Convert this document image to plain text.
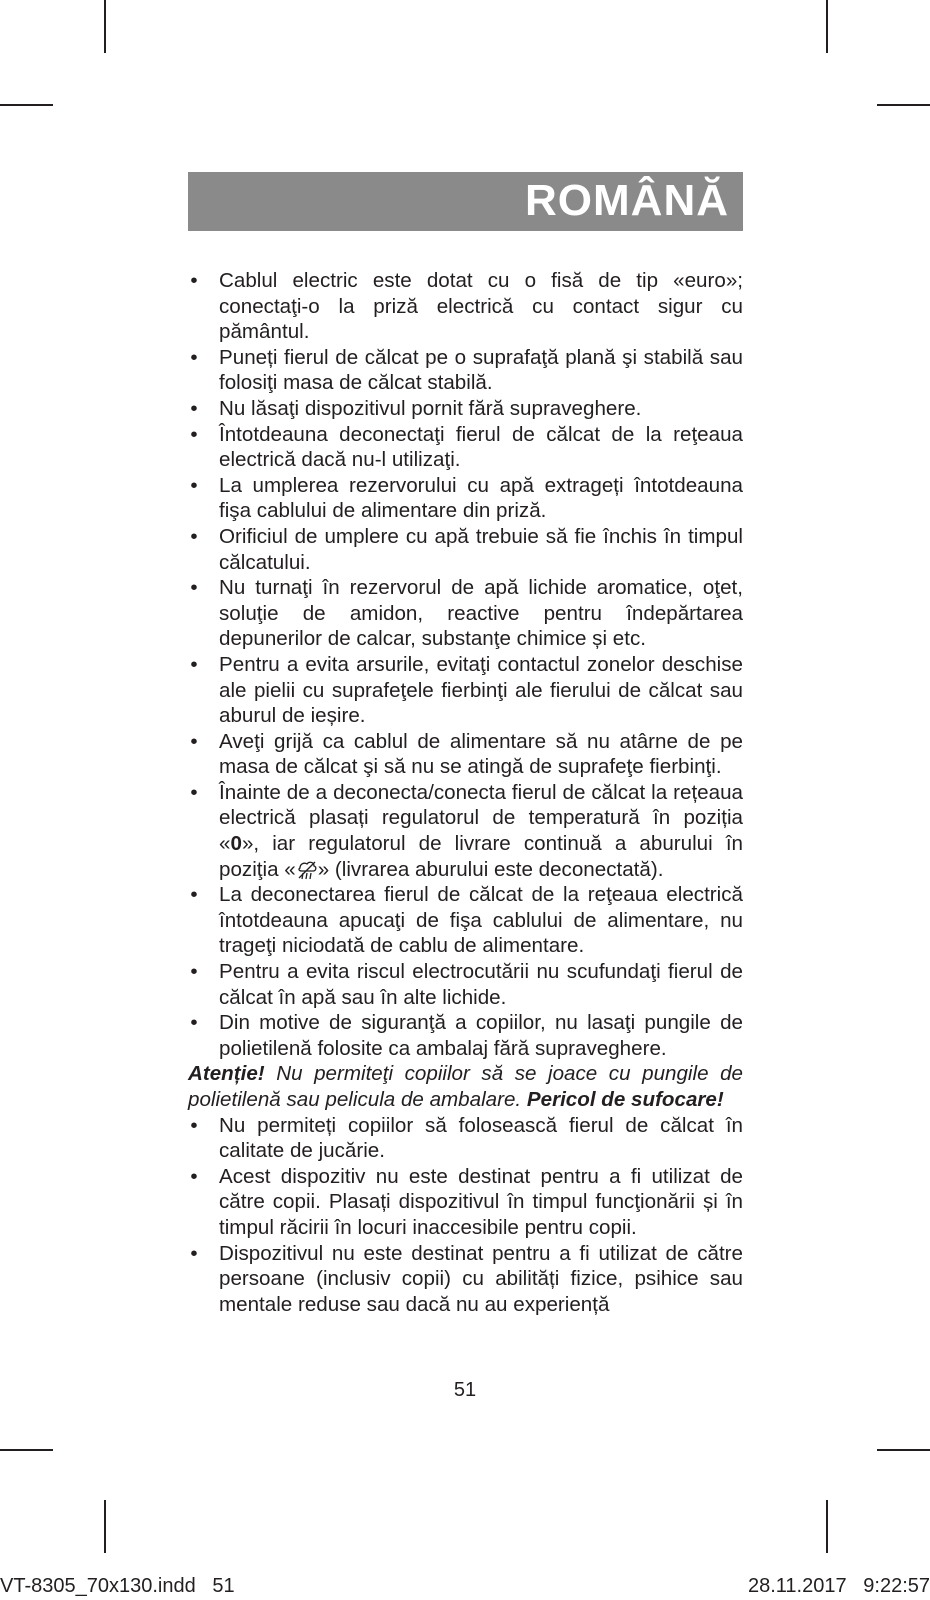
ROMÂNĂ
• Cablul electric este dotat cu o fisă de tip «euro»; conectaţi-o la priză electrică cu contact sigur cu pământul.
• Puneți fierul de călcat pe o suprafaţă plană şi stabilă sau folosiţi masa de călcat stabilă.
• Nu lăsaţi dispozitivul pornit fără supraveghere.
• Întotdeauna deconectaţi fierul de călcat de la reţeaua electrică dacă nu-l utilizaţi.
• La umplerea rezervorului cu apă extrageți întotdeauna fişa cablului de alimentare din priză.
• Orificiul de umplere cu apă trebuie să fie închis în timpul călcatului.
• Nu turnaţi în rezervorul de apă lichide aromatice, oţet, soluţie de amidon, reactive pentru îndepărtarea depunerilor de calcar, substanţe chimice și etc.
• Pentru a evita arsurile, evitaţi contactul zonelor deschise ale pielii cu suprafeţele fierbinţi ale fierului de călcat sau aburul de ieșire.
• Aveţi grijă ca cablul de alimentare să nu atârne de pe masa de călcat şi să nu se atingă de suprafeţe fierbinţi.
• Înainte de a deconecta/conecta fierul de călcat la rețeaua electrică plasați regulatorul de temperatură în poziția «0», iar regulatorul de livrare continuă a aburului în poziţia « » (livrarea aburului este deconectată).
• La deconectarea fierul de călcat de la reţeaua electrică întotdeauna apucaţi de fişa cablului de alimentare, nu trageţi niciodată de cablu de alimentare.
• Pentru a evita riscul electrocutării nu scufundaţi fierul de călcat în apă sau în alte lichide.
• Din motive de siguranţă a copiilor, nu lasaţi pungile de polietilenă folosite ca ambalaj fără supraveghere.

Atenție! Nu permiteţi copiilor să se joace cu pungile de polietilenă sau pelicula de ambalare. Pericol de sufocare!

• Nu permiteți copiilor să folosească fierul de călcat în calitate de jucărie.
• Acest dispozitiv nu este destinat pentru a fi utilizat de către copii. Plasați dispozitivul în timpul funcţionării și în timpul răcirii în locuri inaccesibile pentru copii.
• Dispozitivul nu este destinat pentru a fi utilizat de către persoane (inclusiv copii) cu abilități fizice, psihice sau mentale reduse sau dacă nu au experiență
51
VT-8305_70x130.indd   51	28.11.2017   9:22:57
